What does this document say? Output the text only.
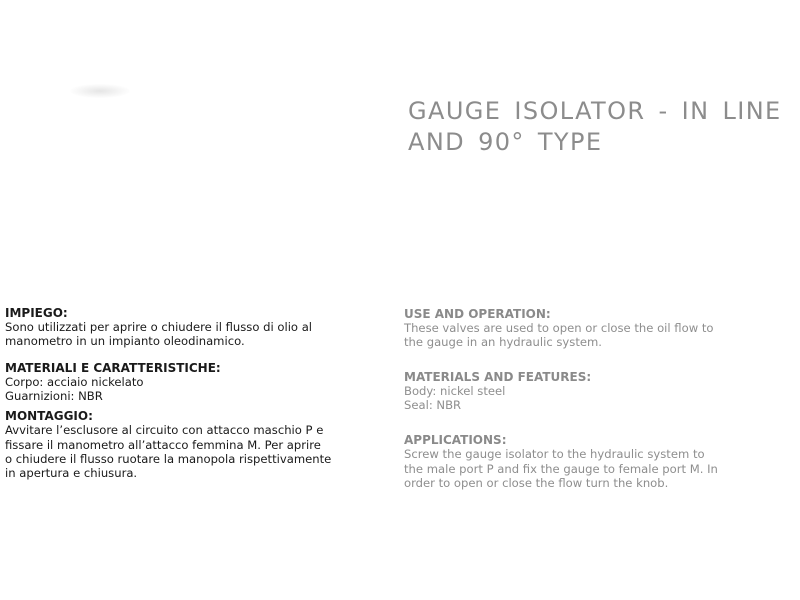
GAUGE ISOLATOR - IN LINE AND 90° TYPE
IMPIEGO:
Sono utilizzati per aprire o chiudere il flusso di olio al
manometro in un impianto oleodinamico.
MATERIALI E CARATTERISTICHE:
Corpo: acciaio nickelato
Guarnizioni: NBR
MONTAGGIO:
Avvitare l’esclusore al circuito con attacco maschio P e
fissare il manometro all’attacco femmina M. Per aprire
o chiudere il flusso ruotare la manopola rispettivamente
in apertura e chiusura.
USE AND OPERATION:
These valves are used to open or close the oil flow to
the gauge in an hydraulic system.
MATERIALS AND FEATURES:
Body: nickel steel
Seal: NBR
APPLICATIONS:
Screw the gauge isolator to the hydraulic system to
the male port P and fix the gauge to female port M. In
order to open or close the flow turn the knob.
